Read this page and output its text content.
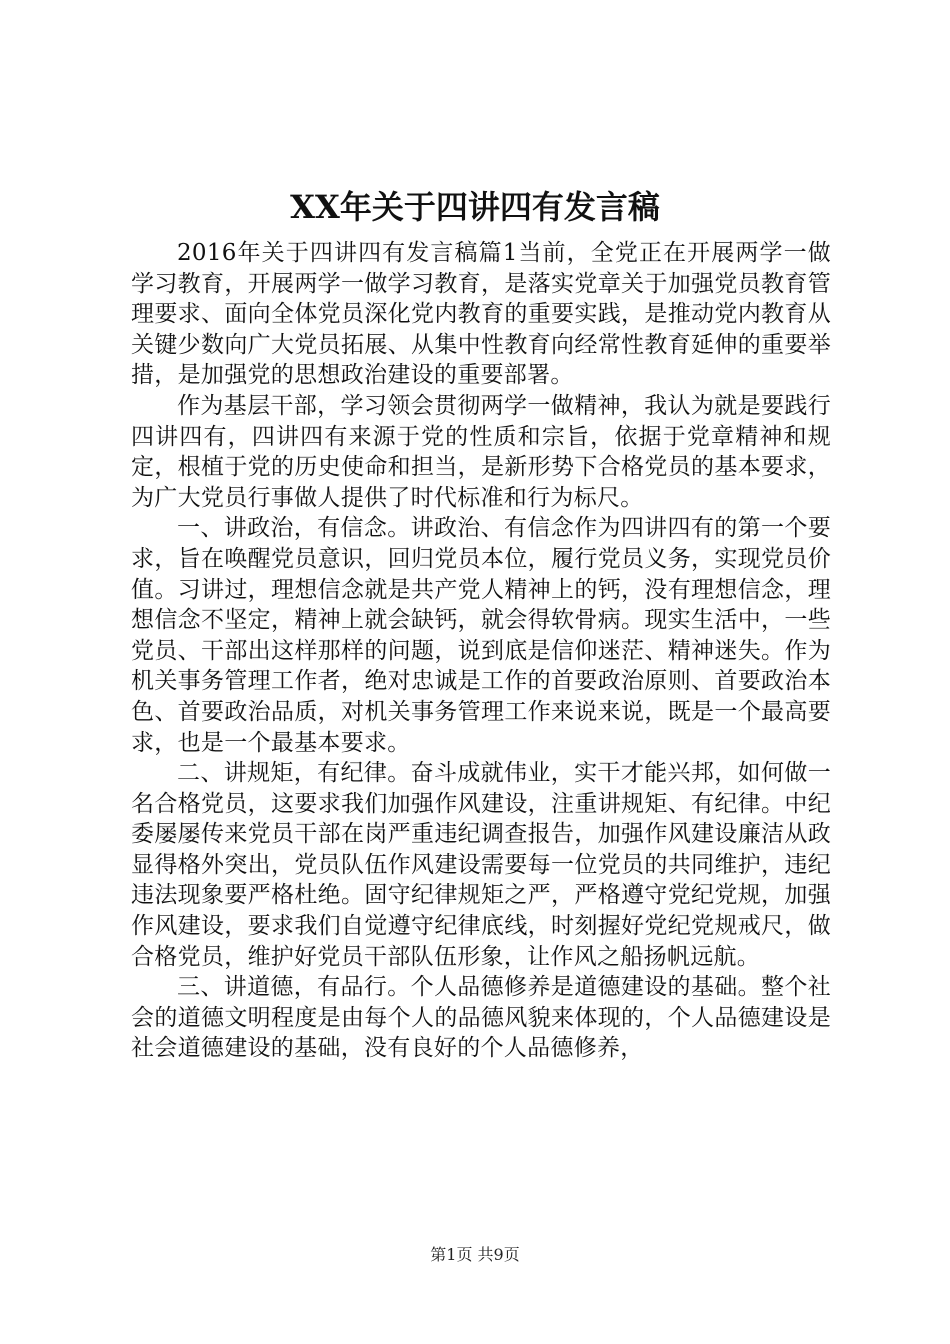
XX年关于四讲四有发言稿

2016年关于四讲四有发言稿篇1当前，全党正在开展两学一做学习教育，开展两学一做学习教育，是落实党章关于加强党员教育管理要求、面向全体党员深化党内教育的重要实践，是推动党内教育从关键少数向广大党员拓展、从集中性教育向经常性教育延伸的重要举措，是加强党的思想政治建设的重要部署。

作为基层干部，学习领会贯彻两学一做精神，我认为就是要践行四讲四有，四讲四有来源于党的性质和宗旨，依据于党章精神和规定，根植于党的历史使命和担当，是新形势下合格党员的基本要求，为广大党员行事做人提供了时代标准和行为标尺。

一、讲政治，有信念。讲政治、有信念作为四讲四有的第一个要求，旨在唤醒党员意识，回归党员本位，履行党员义务，实现党员价值。习讲过，理想信念就是共产党人精神上的钙，没有理想信念，理想信念不坚定，精神上就会缺钙，就会得软骨病。现实生活中，一些党员、干部出这样那样的问题，说到底是信仰迷茫、精神迷失。作为机关事务管理工作者，绝对忠诚是工作的首要政治原则、首要政治本色、首要政治品质，对机关事务管理工作来说来说，既是一个最高要求，也是一个最基本要求。

二、讲规矩，有纪律。奋斗成就伟业，实干才能兴邦，如何做一名合格党员，这要求我们加强作风建设，注重讲规矩、有纪律。中纪委屡屡传来党员干部在岗严重违纪调查报告，加强作风建设廉洁从政显得格外突出，党员队伍作风建设需要每一位党员的共同维护，违纪违法现象要严格杜绝。固守纪律规矩之严，严格遵守党纪党规，加强作风建设，要求我们自觉遵守纪律底线，时刻握好党纪党规戒尺，做合格党员，维护好党员干部队伍形象，让作风之船扬帆远航。

三、讲道德，有品行。个人品德修养是道德建设的基础。整个社会的道德文明程度是由每个人的品德风貌来体现的，个人品德建设是社会道德建设的基础，没有良好的个人品德修养，

第1页 共9页
